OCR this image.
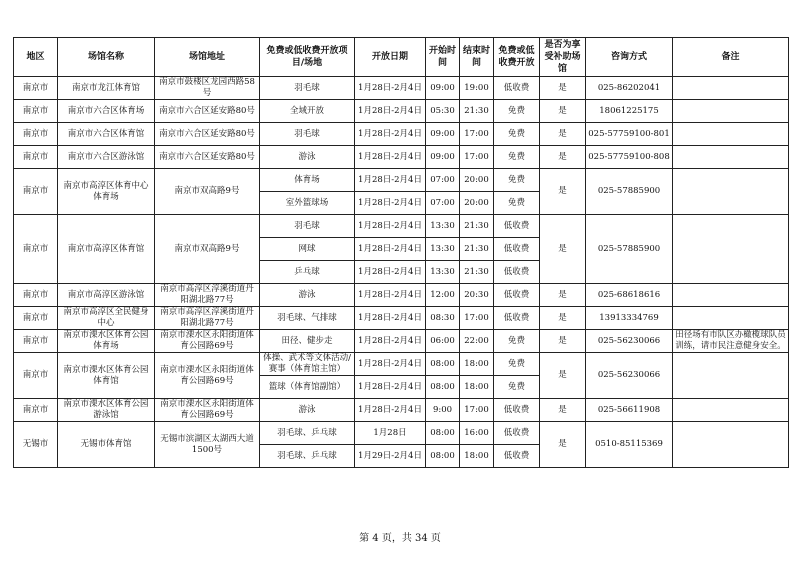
地区	场馆名称	场馆地址	免费或低收费开放项目/场地	开放日期	开始时间	结束时间	免费或低收费开放	是否为享受补助场馆	咨询方式	备注
南京市	南京市龙江体育馆	南京市鼓楼区龙园西路58号	羽毛球	1月28日-2月4日	09:00	19:00	低收费	是	025-86202041	
南京市	南京市六合区体育场	南京市六合区延安路80号	全域开放	1月28日-2月4日	05:30	21:30	免费	是	18061225175	
南京市	南京市六合区体育馆	南京市六合区延安路80号	羽毛球	1月28日-2月4日	09:00	17:00	免费	是	025-57759100-801	
南京市	南京市六合区游泳馆	南京市六合区延安路80号	游泳	1月28日-2月4日	09:00	17:00	免费	是	025-57759100-808	
南京市	南京市高淳区体育中心体育场	南京市双高路9号	体育场	1月28日-2月4日	07:00	20:00	免费	是	025-57885900	
			室外篮球场	1月28日-2月4日	07:00	20:00	免费			
南京市	南京市高淳区体育馆	南京市双高路9号	羽毛球	1月28日-2月4日	13:30	21:30	低收费	是	025-57885900	
			网球	1月28日-2月4日	13:30	21:30	低收费			
			乒乓球	1月28日-2月4日	13:30	21:30	低收费			
南京市	南京市高淳区游泳馆	南京市高淳区淳溪街道丹阳湖北路77号	游泳	1月28日-2月4日	12:00	20:30	低收费	是	025-68618616	
南京市	南京市高淳区全民健身中心	南京市高淳区淳溪街道丹阳湖北路77号	羽毛球、气排球	1月28日-2月4日	08:30	17:00	低收费	是	13913334769	
南京市	南京市溧水区体育公园体育场	南京市溧水区永阳街道体育公园路69号	田径、健步走	1月28日-2月4日	06:00	22:00	免费	是	025-56230066	田径场有市队区办橄榄球队员训练，请市民注意健身安全。
南京市	南京市溧水区体育公园体育馆	南京市溧水区永阳街道体育公园路69号	体操、武术等文体活动/赛事（体育馆主馆）	1月28日-2月4日	08:00	18:00	免费	是	025-56230066	
			篮球（体育馆副馆）	1月28日-2月4日	08:00	18:00	免费			
南京市	南京市溧水区体育公园游泳馆	南京市溧水区永阳街道体育公园路69号	游泳	1月28日-2月4日	9:00	17:00	低收费	是	025-56611908	
无锡市	无锡市体育馆	无锡市滨湖区太湖西大道1500号	羽毛球、乒乓球	1月28日	08:00	16:00	低收费	是	0510-85115369	
			羽毛球、乒乓球	1月29日-2月4日	08:00	18:00	低收费			
第 4 页，共 34 页
